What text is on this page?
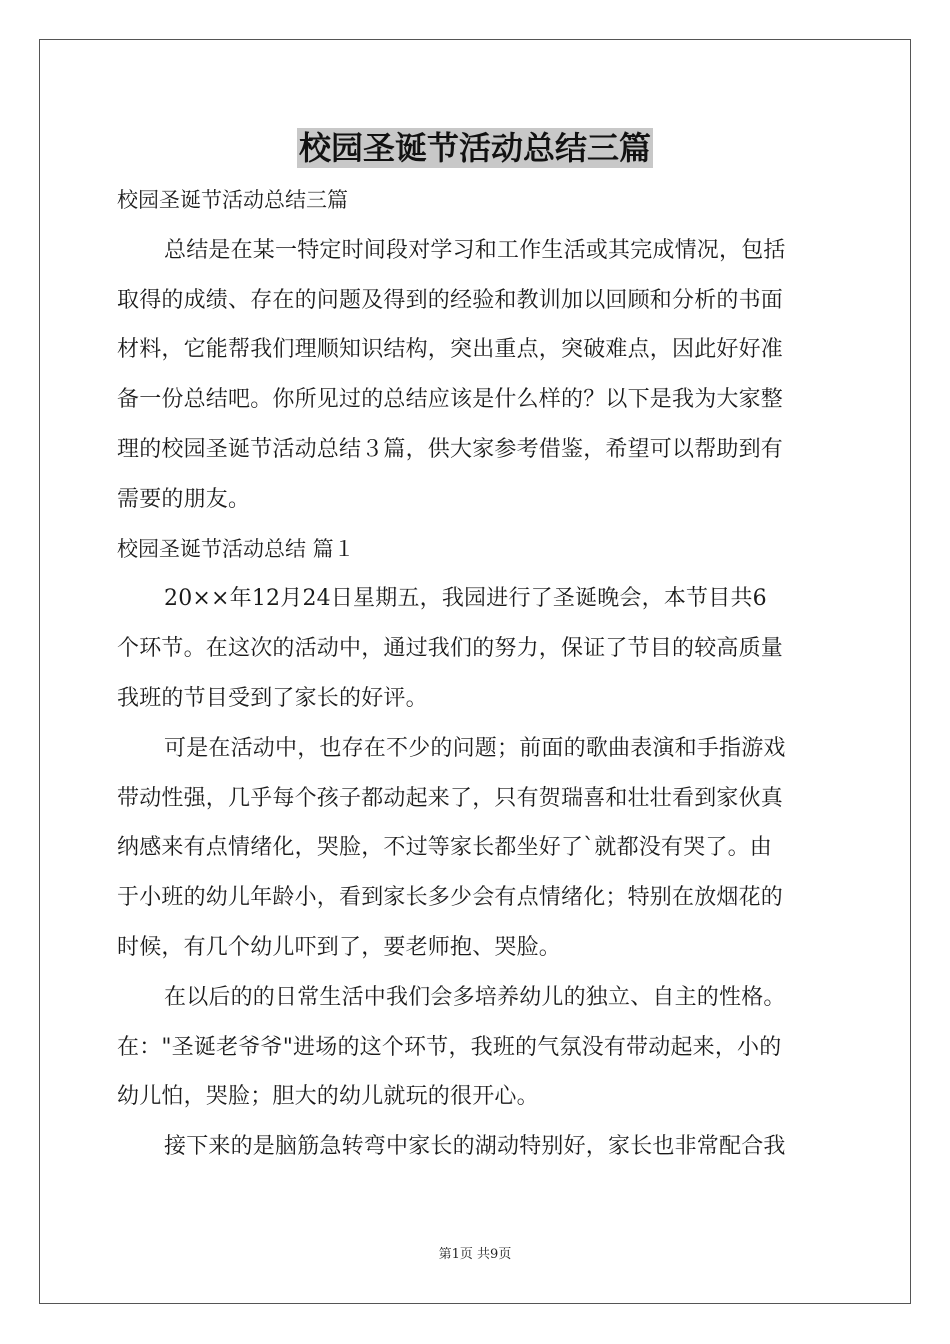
校园圣诞节活动总结三篇
校园圣诞节活动总结三篇
总结是在某一特定时间段对学习和工作生活或其完成情况，包括
取得的成绩、存在的问题及得到的经验和教训加以回顾和分析的书面
材料，它能帮我们理顺知识结构，突出重点，突破难点，因此好好准
备一份总结吧。你所见过的总结应该是什么样的？以下是我为大家整
理的校园圣诞节活动总结３篇，供大家参考借鉴，希望可以帮助到有
需要的朋友。
校园圣诞节活动总结 篇１
20××年12月24日星期五，我园进行了圣诞晚会，本节目共6
个环节。在这次的活动中，通过我们的努力，保证了节目的较高质量
我班的节目受到了家长的好评。
可是在活动中，也存在不少的问题；前面的歌曲表演和手指游戏
带动性强，几乎每个孩子都动起来了，只有贺瑞喜和壮壮看到家伙真
纳感来有点情绪化，哭脸，不过等家长都坐好了`就都没有哭了。由
于小班的幼儿年龄小，看到家长多少会有点情绪化；特别在放烟花的
时候，有几个幼儿吓到了，要老师抱、哭脸。
在以后的的日常生活中我们会多培养幼儿的独立、自主的性格。
在："圣诞老爷爷"进场的这个环节，我班的气氛没有带动起来，小的
幼儿怕，哭脸；胆大的幼儿就玩的很开心。
接下来的是脑筋急转弯中家长的湖动特别好，家长也非常配合我
第1页 共9页
